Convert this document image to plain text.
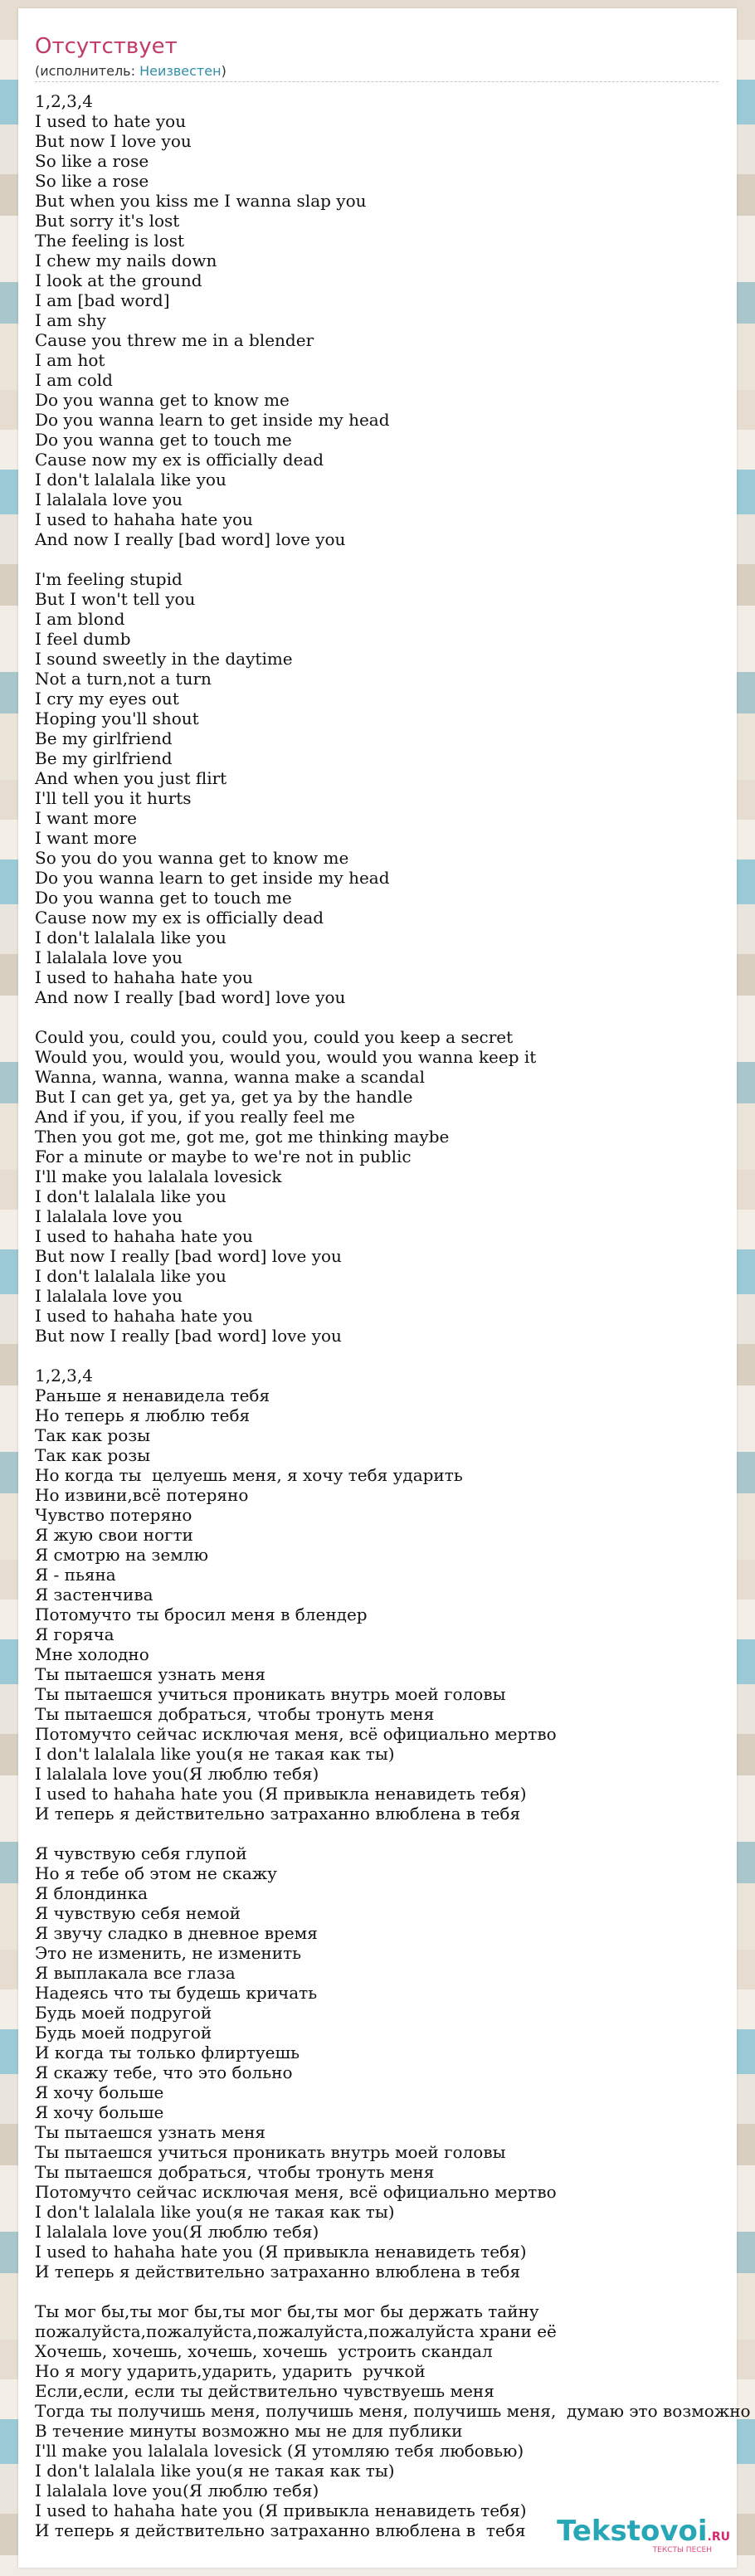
Отсутствует
(исполнитель: Неизвестен)
1,2,3,4
I used to hate you
But now I love you
So like a rose
So like a rose
But when you kiss me I wanna slap you
But sorry it's lost
The feeling is lost
I chew my nails down
I look at the ground
I am [bad word]
I am shy
Cause you threw me in a blender
I am hot
I am cold
Do you wanna get to know me
Do you wanna learn to get inside my head
Do you wanna get to touch me
Cause now my ex is officially dead
I don't lalalala like you
I lalalala love you
I used to hahaha hate you
And now I really [bad word] love you
I'm feeling stupid
But I won't tell you
I am blond
I feel dumb
I sound sweetly in the daytime
Not a turn,not a turn
I cry my eyes out
Hoping you'll shout
Be my girlfriend
Be my girlfriend
And when you just flirt
I'll tell you it hurts
I want more
I want more
So you do you wanna get to know me
Do you wanna learn to get inside my head
Do you wanna get to touch me
Cause now my ex is officially dead
I don't lalalala like you
I lalalala love you
I used to hahaha hate you
And now I really [bad word] love you
Could you, could you, could you, could you keep a secret
Would you, would you, would you, would you wanna keep it
Wanna, wanna, wanna, wanna make a scandal
But I can get ya, get ya, get ya by the handle
And if you, if you, if you really feel me
Then you got me, got me, got me thinking maybe
For a minute or maybe to we're not in public
I'll make you lalalala lovesick
I don't lalalala like you
I lalalala love you
I used to hahaha hate you
But now I really [bad word] love you
I don't lalalala like you
I lalalala love you
I used to hahaha hate you
But now I really [bad word] love you
1,2,3,4
Раньше я ненавидела тебя
Но теперь я люблю тебя
Так как розы
Так как розы
Но когда ты  целуешь меня, я хочу тебя ударить
Но извини,всё потеряно
Чувство потеряно
Я жую свои ногти
Я смотрю на землю
Я - пьяна
Я застенчива
Потомучто ты бросил меня в блендер
Я горяча
Мне холодно
Ты пытаешся узнать меня
Ты пытаешся учиться проникать внутрь моей головы
Ты пытаешся добраться, чтобы тронуть меня
Потомучто сейчас исключая меня, всё официально мертво
I don't lalalala like you(я не такая как ты)
I lalalala love you(Я люблю тебя)
I used to hahaha hate you (Я привыкла ненавидеть тебя)
И теперь я действительно затраханно влюблена в тебя
Я чувствую себя глупой
Но я тебе об этом не скажу
Я блондинка
Я чувствую себя немой
Я звучу сладко в дневное время
Это не изменить, не изменить
Я выплакала все глаза
Надеясь что ты будешь кричать
Будь моей подругой
Будь моей подругой
И когда ты только флиртуешь
Я скажу тебе, что это больно
Я хочу больше
Я хочу больше
Ты пытаешся узнать меня
Ты пытаешся учиться проникать внутрь моей головы
Ты пытаешся добраться, чтобы тронуть меня
Потомучто сейчас исключая меня, всё официально мертво
I don't lalalala like you(я не такая как ты)
I lalalala love you(Я люблю тебя)
I used to hahaha hate you (Я привыкла ненавидеть тебя)
И теперь я действительно затраханно влюблена в тебя
Ты мог бы,ты мог бы,ты мог бы,ты мог бы держать тайну
пожалуйста,пожалуйста,пожалуйста,пожалуйста храни её
Хочешь, хочешь, хочешь, хочешь  устроить скандал
Но я могу ударить,ударить, ударить  ручкой
Если,если, если ты действительно чувствуешь меня
Тогда ты получишь меня, получишь меня, получишь меня,  думаю это возможно
В течение минуты возможно мы не для публики
I'll make you lalalala lovesick (Я утомляю тебя любовью)
I don't lalalala like you(я не такая как ты)
I lalalala love you(Я люблю тебя)
I used to hahaha hate you (Я привыкла ненавидеть тебя)
И теперь я действительно затраханно влюблена в  тебя	Tekstovoi.RU
ТЕКСТЫ ПЕСЕН
